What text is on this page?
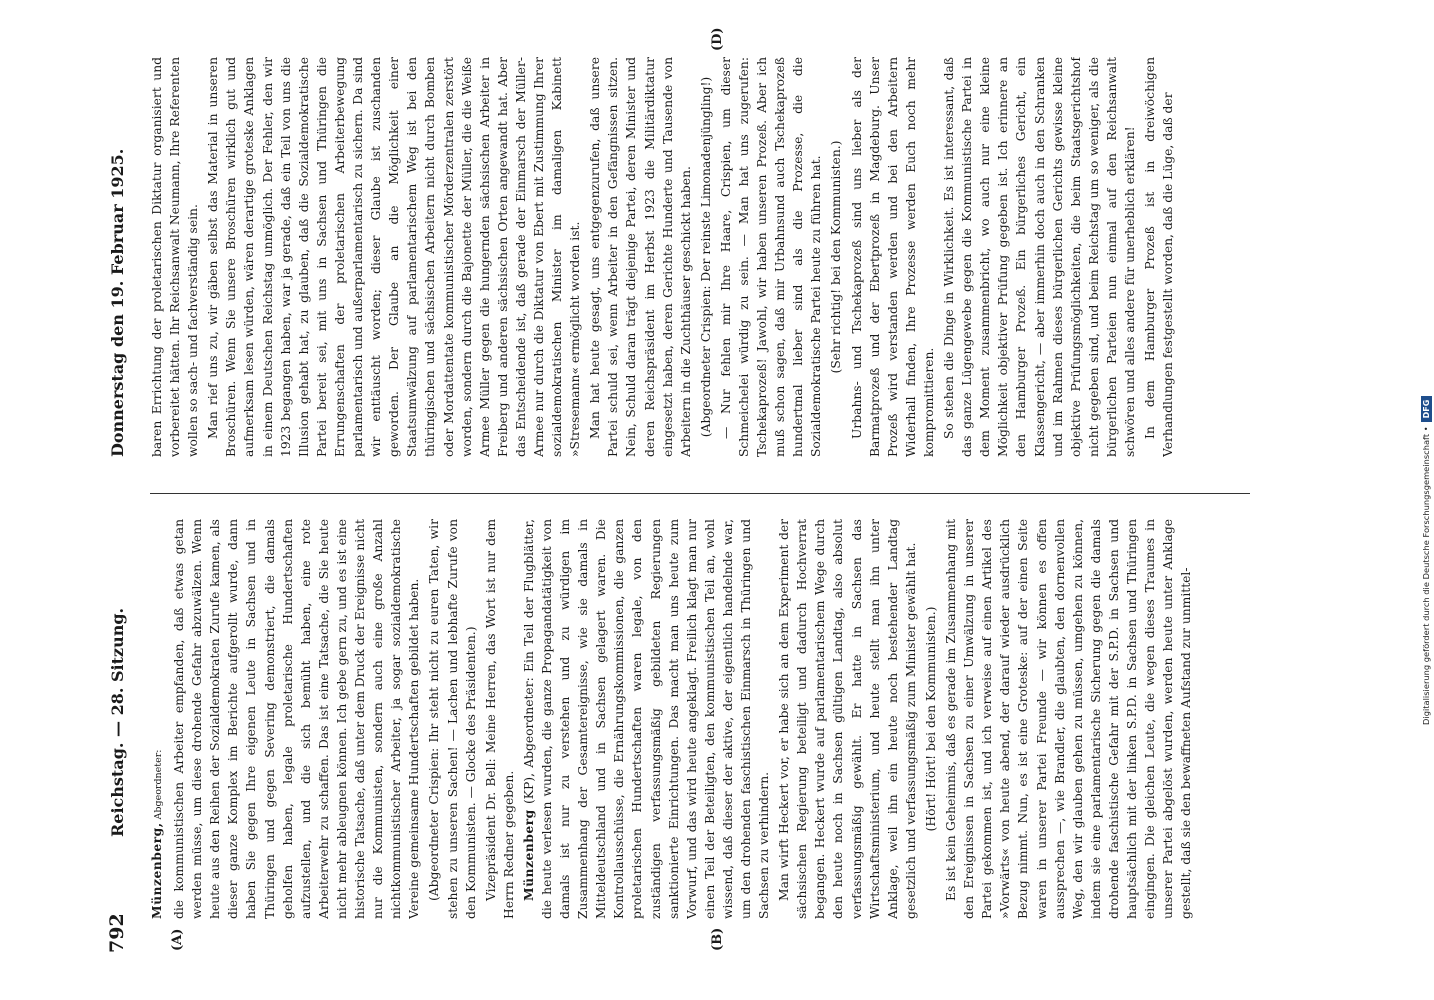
792
Reichstag. — 28. Sitzung.
Donnerstag den 19. Februar 1925.
(A)	(B)
(D)

Münzenberg, Abgeordneter: die kommunistischen Arbeiter empfanden, daß etwas getan werden müsse, um diese drohende Gefahr abzuwälzen. Wenn heute aus den Reihen der Sozialdemokraten Zurufe kamen, als dieser ganze Komplex im Berichte aufgerollt wurde, dann haben Sie gegen Ihre eigenen Leute in Sachsen und in Thüringen und gegen Severing demonstriert, die damals geholfen haben, legale proletarische Hundertschaften aufzustellen, und die sich bemüht haben, eine rote Arbeiterwehr zu schaffen. Das ist eine Tatsache, die Sie heute nicht mehr ableugnen können. Ich gebe gern zu, und es ist eine historische Tatsache, daß unter dem Druck der Ereignisse nicht nur die Kommunisten, sondern auch eine große Anzahl nichtkommunistischer Arbeiter, ja sogar sozialdemokratische Vereine gemeinsame Hundertschaften gebildet haben. (Abgeordneter Crispien: Ihr steht nicht zu euren Taten, wir stehen zu unseren Sachen! — Lachen und lebhafte Zurufe von den Kommunisten. — Glocke des Präsidenten.) Vizepräsident Dr. Bell: Meine Herren, das Wort ist nur dem Herrn Redner gegeben. Münzenberg (KP), Abgeordneter: Ein Teil der Flugblätter, die heute verlesen wurden, die ganze Propagandatätigkeit von damals ist nur zu verstehen und zu würdigen im Zusammenhang der Gesamtereignisse, wie sie damals in Mitteldeutschland und in Sachsen gelagert waren. Die Kontrollausschüsse, die Ernährungskommissionen, die ganzen proletarischen Hundertschaften waren legale, von den zuständigen verfassungsmäßig gebildeten Regierungen sanktionierte Einrichtungen. Das macht man uns heute zum Vorwurf, und das wird heute angeklagt. Freilich klagt man nur einen Teil der Beteiligten, den kommunistischen Teil an, wohl wissend, daß dieser der aktive, der eigentlich handelnde war, um den drohenden faschistischen Einmarsch in Thüringen und Sachsen zu verhindern. Man wirft Heckert vor, er habe sich an dem Experiment der sächsischen Regierung beteiligt und dadurch Hochverrat begangen. Heckert wurde auf parlamentarischem Wege durch den heute noch in Sachsen gültigen Landtag, also absolut verfassungsmäßig gewählt. Er hatte in Sachsen das Wirtschaftsministerium, und heute stellt man ihn unter Anklage, weil ihn ein heute noch bestehender Landtag gesetzlich und verfassungsmäßig zum Minister gewählt hat. (Hört! Hört! bei den Kommunisten.) Es ist kein Geheimnis, daß es gerade im Zusammenhang mit den Ereignissen in Sachsen zu einer Umwälzung in unserer Partei gekommen ist, und ich verweise auf einen Artikel des »Vorwärts« von heute abend, der darauf wieder ausdrücklich Bezug nimmt. Nun, es ist eine Groteske: auf der einen Seite waren in unserer Partei Freunde — wir können es offen aussprechen —, wie Brandler, die glaubten, den dornenvollen Weg, den wir glauben gehen zu müssen, umgehen zu können, indem sie eine parlamentarische Sicherung gegen die damals drohende faschistische Gefahr mit der S.P.D. in Sachsen und hauptsächlich mit der linken S.P.D. in Sachsen und Thüringen eingingen. Die gleichen Leute, die wegen dieses Traumes in unserer Partei abgelöst wurden, werden heute unter Anklage gestellt, daß sie den bewaffneten Aufstand zur unmittel-

baren Errichtung der proletarischen Diktatur organisiert und vorbereitet hätten. Ihr Reichsanwalt Neumann, Ihre Referenten wollen so sach- und fachverständig sein. Man rief uns zu, wir gäben selbst das Material in unseren Broschüren. Wenn Sie unsere Broschüren wirklich gut und aufmerksam lesen würden, wären derartige groteske Anklagen in einem Deutschen Reichstag unmöglich. Der Fehler, den wir 1923 begangen haben, war ja gerade, daß ein Teil von uns die Illusion gehabt hat, zu glauben, daß die Sozialdemokratische Partei bereit sei, mit uns in Sachsen und Thüringen die Errungenschaften der proletarischen Arbeiterbewegung parlamentarisch und außerparlamentarisch zu sichern. Da sind wir enttäuscht worden; dieser Glaube ist zuschanden geworden. Der Glaube an die Möglichkeit einer Staatsumwälzung auf parlamentarischem Weg ist bei den thüringischen und sächsischen Arbeitern nicht durch Bomben oder Mordattentate kommunistischer Mörderzentralen zerstört worden, sondern durch die Bajonette der Müller, die die Weiße Armee Müller gegen die hungernden sächsischen Arbeiter in Freiberg und anderen sächsischen Orten angewandt hat. Aber das Entscheidende ist, daß gerade der Einmarsch der Müller-Armee nur durch die Diktatur von Ebert mit Zustimmung Ihrer sozialdemokratischen Minister im damaligen Kabinett »Stresemann« ermöglicht worden ist. Man hat heute gesagt, uns entgegenzurufen, daß unsere Partei schuld sei, wenn Arbeiter in den Gefängnissen sitzen. Nein, Schuld daran trägt diejenige Partei, deren Minister und deren Reichspräsident im Herbst 1923 die Militärdiktatur eingesetzt haben, deren Gerichte Hunderte und Tausende von Arbeitern in die Zuchthäuser geschickt haben. (Abgeordneter Crispien: Der reinste Limonadenjüngling!) — Nur fehlen mir Ihre Haare, Crispien, um dieser Schmeichelei würdig zu sein. — Man hat uns zugerufen: Tschekaprozeß! Jawohl, wir haben unseren Prozeß. Aber ich muß schon sagen, daß mir Urbahnsund auch Tschekaprozeß hundertmal lieber sind als die Prozesse, die die Sozialdemokratische Partei heute zu führen hat. (Sehr richtig! bei den Kommunisten.) Urbahns- und Tschekaprozeß sind uns lieber als der Barmatprozeß und der Ebertprozeß in Magdeburg. Unser Prozeß wird verstanden werden und bei den Arbeitern Widerhall finden, Ihre Prozesse werden Euch noch mehr kompromittieren. So stehen die Dinge in Wirklichkeit. Es ist interessant, daß das ganze Lügengewebe gegen die Kommunistische Partei in dem Moment zusammenbricht, wo auch nur eine kleine Möglichkeit objektiver Prüfung gegeben ist. Ich erinnere an den Hamburger Prozeß. Ein bürgerliches Gericht, ein Klassengericht, — aber immerhin doch auch in den Schranken und im Rahmen dieses bürgerlichen Gerichts gewisse kleine objektive Prüfungsmöglichkeiten, die beim Staatsgerichtshof nicht gegeben sind, und beim Reichstag um so weniger, als die bürgerlichen Parteien nun einmal auf den Reichsanwalt schwören und alles andere für unerheblich erklären! In dem Hamburger Prozeß ist in dreiwöchigen Verhandlungen festgestellt worden, daß die Lüge, daß der

Digitalisierung gefördert durch die Deutsche Forschungsgemeinschaft •DFG
